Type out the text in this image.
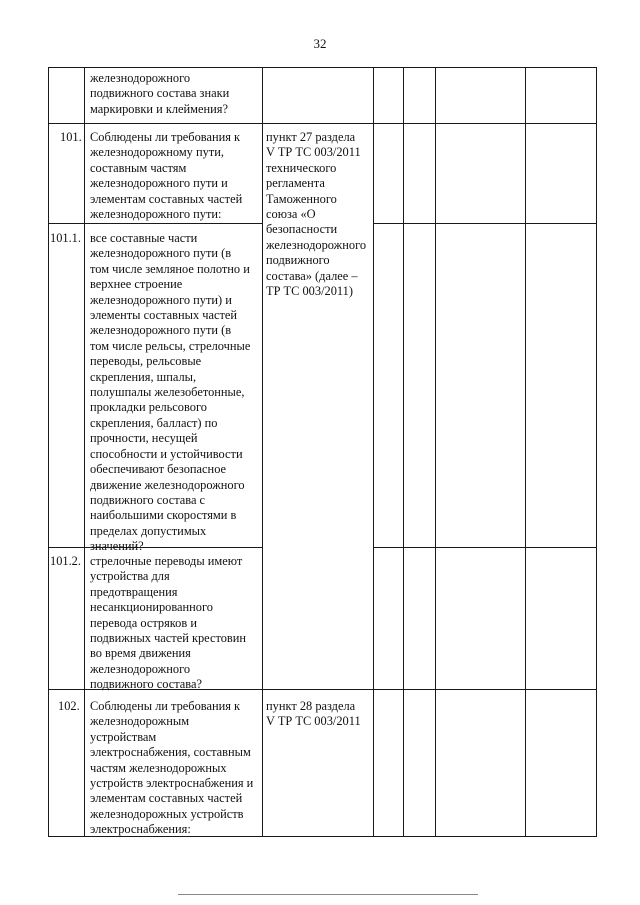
32
железнодорожного
подвижного состава знаки
маркировки и клеймения?
101. Соблюдены ли требования к
железнодорожному пути,
составным частям
железнодорожного пути и
элементам составных частей
железнодорожного пути:
пункт 27 раздела
V ТР ТС 003/2011
технического
регламента
Таможенного
союза «О
безопасности
железнодорожного
подвижного
состава» (далее –
ТР ТС 003/2011)
101.1. все составные части
железнодорожного пути (в
том числе земляное полотно и
верхнее строение
железнодорожного пути) и
элементы составных частей
железнодорожного пути (в
том числе рельсы, стрелочные
переводы, рельсовые
скрепления, шпалы,
полушпалы железобетонные,
прокладки рельсового
скрепления, балласт) по
прочности, несущей
способности и устойчивости
обеспечивают безопасное
движение железнодорожного
подвижного состава с
наибольшими скоростями в
пределах допустимых
значений?
101.2. стрелочные переводы имеют
устройства для
предотвращения
несанкционированного
перевода остряков и
подвижных частей крестовин
во время движения
железнодорожного
подвижного состава?
102. Соблюдены ли требования к
железнодорожным
устройствам
электроснабжения, составным
частям железнодорожных
устройств электроснабжения и
элементам составных частей
железнодорожных устройств
электроснабжения:
пункт 28 раздела
V ТР ТС 003/2011
